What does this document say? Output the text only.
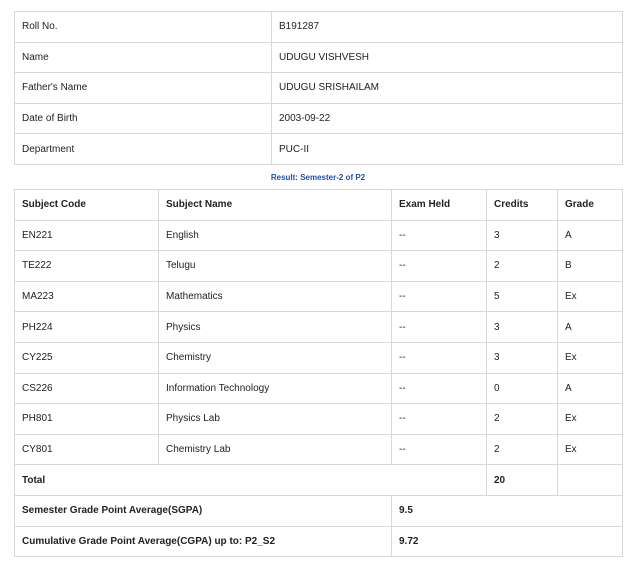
Roll No.	B191287
Name	UDUGU VISHVESH
Father's Name	UDUGU SRISHAILAM
Date of Birth	2003-09-22
Department	PUC-II
Result: Semester-2 of P2
Subject Code	Subject Name	Exam Held	Credits	Grade
EN221	English	--	3	A
TE222	Telugu	--	2	B
MA223	Mathematics	--	5	Ex
PH224	Physics	--	3	A
CY225	Chemistry	--	3	Ex
CS226	Information Technology	--	0	A
PH801	Physics Lab	--	2	Ex
CY801	Chemistry Lab	--	2	Ex
Total			20	
Semester Grade Point Average(SGPA)		9.5		
Cumulative Grade Point Average(CGPA) up to: P2_S2		9.72		
